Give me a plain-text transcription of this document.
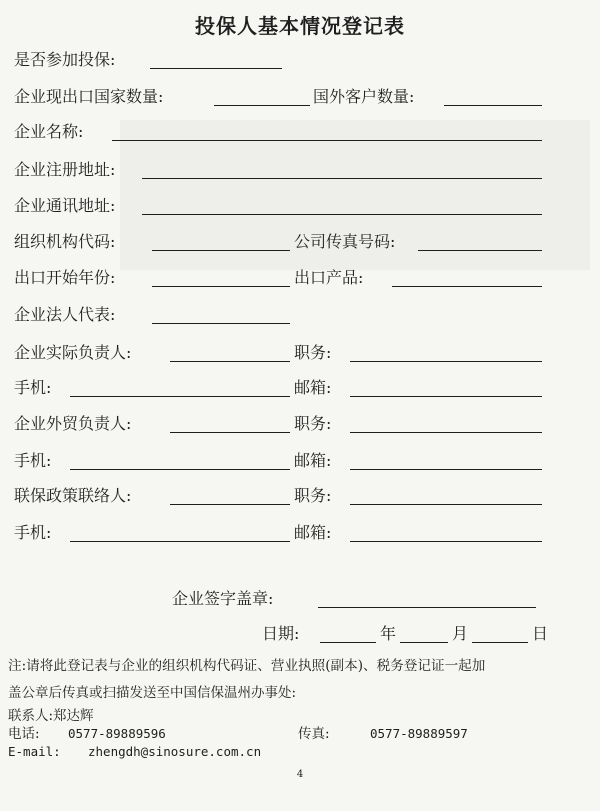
投保人基本情况登记表
是否参加投保:
企业现出口国家数量:	国外客户数量:
企业名称:
企业注册地址:
企业通讯地址:
组织机构代码:	公司传真号码:
出口开始年份:	出口产品:
企业法人代表:
企业实际负责人:	职务:
手机:	邮箱:
企业外贸负责人:	职务:
手机:	邮箱:
联保政策联络人:	职务:
手机:	邮箱:
企业签字盖章:
日期:	年	月	日
注:请将此登记表与企业的组织机构代码证、营业执照(副本)、税务登记证一起加
盖公章后传真或扫描发送至中国信保温州办事处:
联系人:郑达辉
电话: 0577-89889596	传真:	0577-89889597
E-mail: zhengdh@sinosure.com.cn
4
